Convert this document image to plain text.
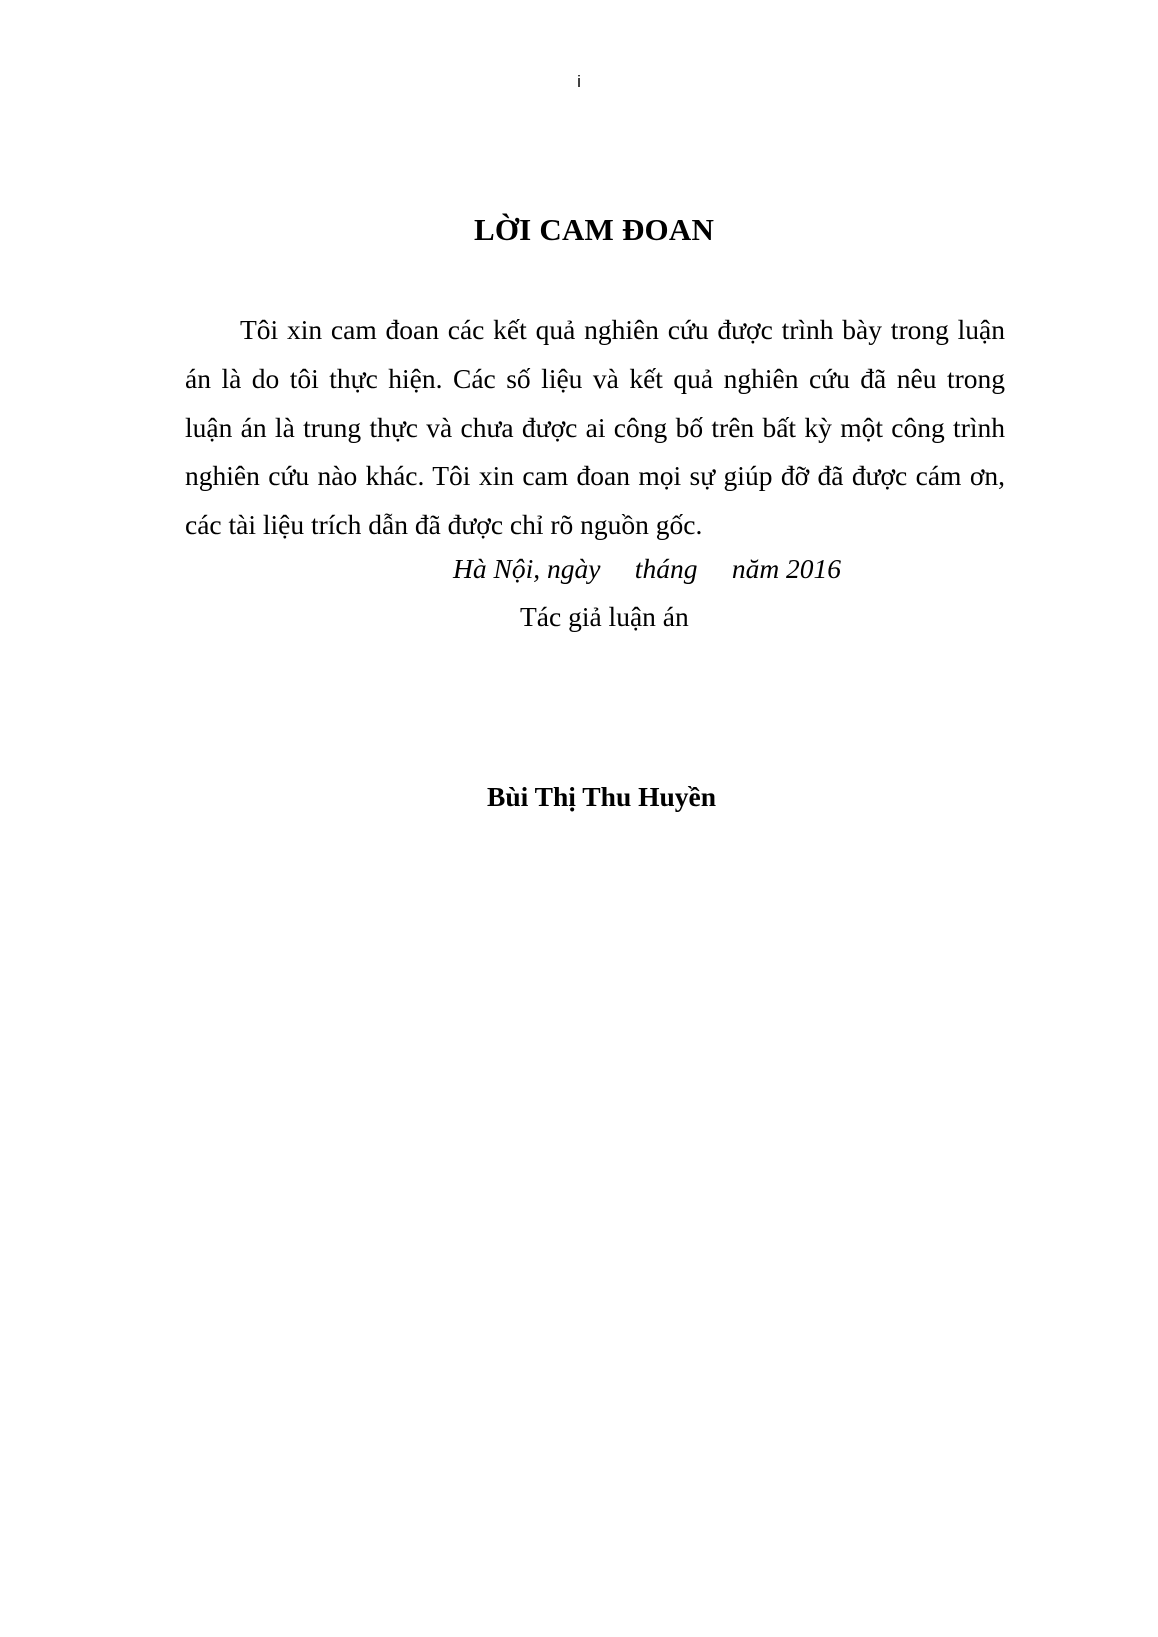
i
LỜI CAM ĐOAN
Tôi xin cam đoan các kết quả nghiên cứu được trình bày trong luận
án là do tôi thực hiện. Các số liệu và kết quả nghiên cứu đã nêu trong
luận án là trung thực và chưa được ai công bố trên bất kỳ một công trình
nghiên cứu nào khác. Tôi xin cam đoan mọi sự giúp đỡ đã được cám ơn,
các tài liệu trích dẫn đã được chỉ rõ nguồn gốc.
Hà Nội, ngày     tháng     năm 2016
Tác giả luận án
Bùi Thị Thu Huyền
